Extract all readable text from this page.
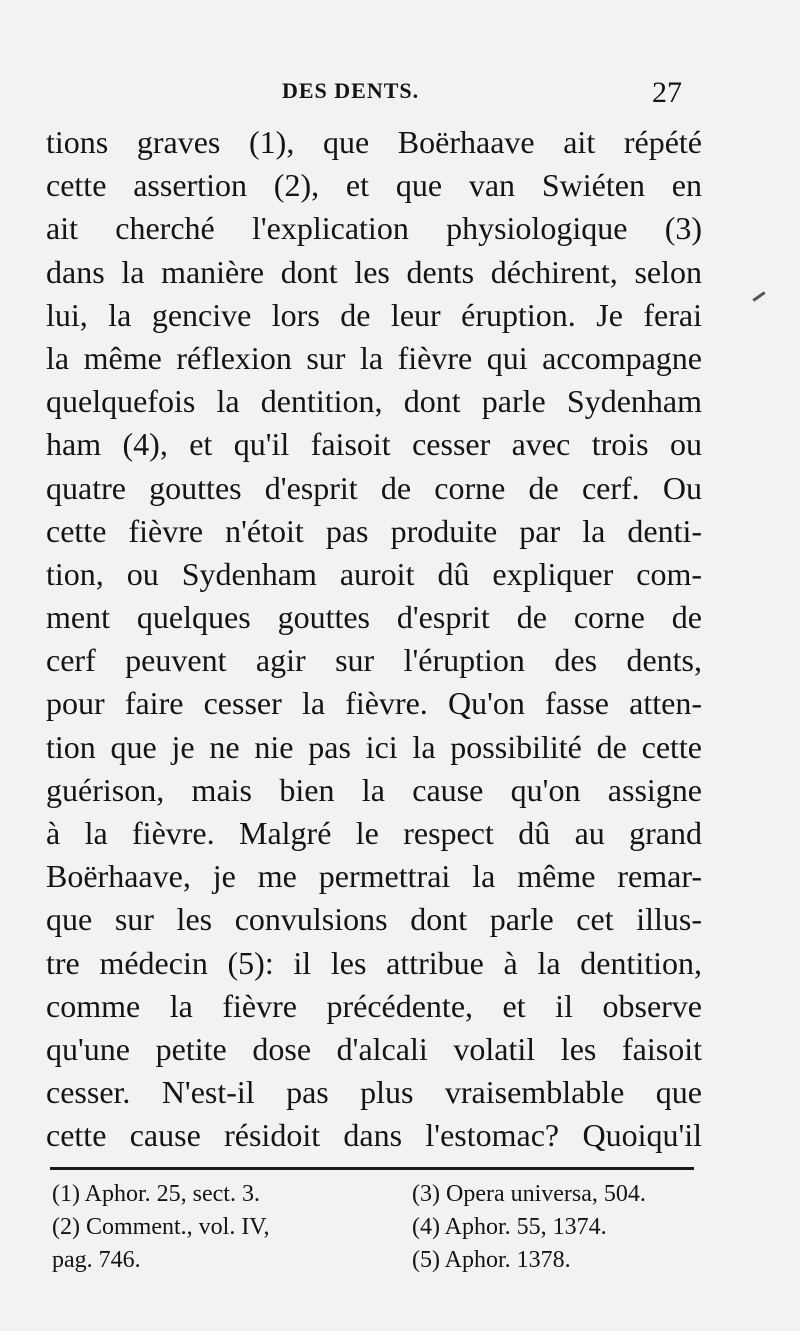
DES DENTS.	27
tions graves (1), que Boërhaave ait répété
cette assertion (2), et que van Swiéten en
ait cherché l'explication physiologique (3)
dans la manière dont les dents déchirent, selon
lui, la gencive lors de leur éruption. Je ferai
la même réflexion sur la fièvre qui accompagne
quelquefois la dentition, dont parle Sydenham
ham (4), et qu'il faisoit cesser avec trois ou
quatre gouttes d'esprit de corne de cerf. Ou
cette fièvre n'étoit pas produite par la denti-
tion, ou Sydenham auroit dû expliquer com-
ment quelques gouttes d'esprit de corne de
cerf peuvent agir sur l'éruption des dents,
pour faire cesser la fièvre. Qu'on fasse atten-
tion que je ne nie pas ici la possibilité de cette
guérison, mais bien la cause qu'on assigne
à la fièvre. Malgré le respect dû au grand
Boërhaave, je me permettrai la même remar-
que sur les convulsions dont parle cet illus-
tre médecin (5): il les attribue à la dentition,
comme la fièvre précédente, et il observe
qu'une petite dose d'alcali volatil les faisoit
cesser. N'est-il pas plus vraisemblable que
cette cause résidoit dans l'estomac? Quoiqu'il
(1) Aphor. 25, sect. 3.
(2) Comment., vol. IV,
pag. 746.
(3) Opera universa, 504.
(4) Aphor. 55, 1374.
(5) Aphor. 1378.
